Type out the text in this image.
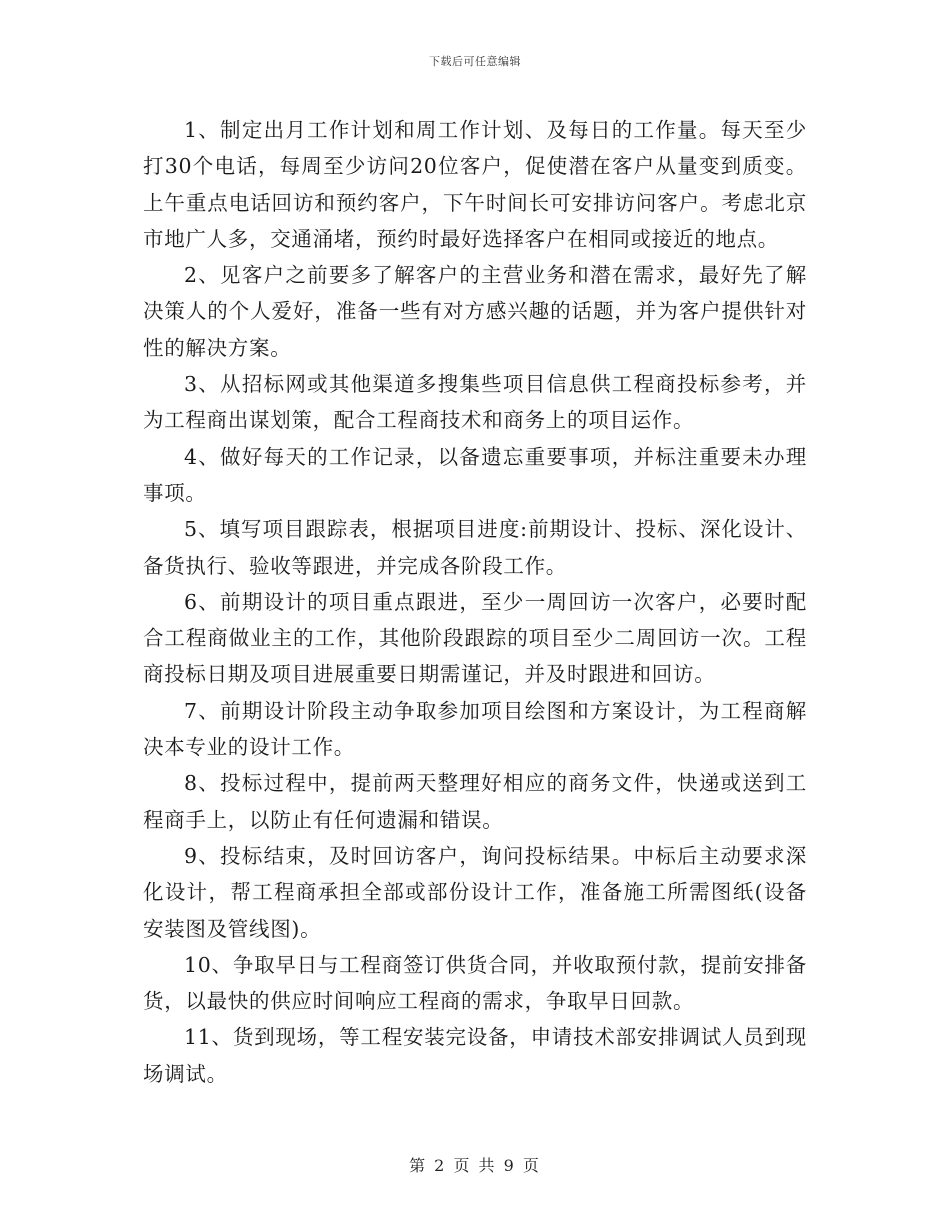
下载后可任意编辑

1、制定出月工作计划和周工作计划、及每日的工作量。每天至少打30个电话，每周至少访问20位客户，促使潜在客户从量变到质变。上午重点电话回访和预约客户，下午时间长可安排访问客户。考虑北京市地广人多，交通涌堵，预约时最好选择客户在相同或接近的地点。

2、见客户之前要多了解客户的主营业务和潜在需求，最好先了解决策人的个人爱好，准备一些有对方感兴趣的话题，并为客户提供针对性的解决方案。

3、从招标网或其他渠道多搜集些项目信息供工程商投标参考，并为工程商出谋划策，配合工程商技术和商务上的项目运作。

4、做好每天的工作记录，以备遗忘重要事项，并标注重要未办理事项。

5、填写项目跟踪表，根据项目进度:前期设计、投标、深化设计、备货执行、验收等跟进，并完成各阶段工作。

6、前期设计的项目重点跟进，至少一周回访一次客户，必要时配合工程商做业主的工作，其他阶段跟踪的项目至少二周回访一次。工程商投标日期及项目进展重要日期需谨记，并及时跟进和回访。

7、前期设计阶段主动争取参加项目绘图和方案设计，为工程商解决本专业的设计工作。

8、投标过程中，提前两天整理好相应的商务文件，快递或送到工程商手上，以防止有任何遗漏和错误。

9、投标结束，及时回访客户，询问投标结果。中标后主动要求深化设计，帮工程商承担全部或部份设计工作，准备施工所需图纸(设备安装图及管线图)。

10、争取早日与工程商签订供货合同，并收取预付款，提前安排备货，以最快的供应时间响应工程商的需求，争取早日回款。

11、货到现场，等工程安装完设备，申请技术部安排调试人员到现场调试。

第 2 页 共 9 页
